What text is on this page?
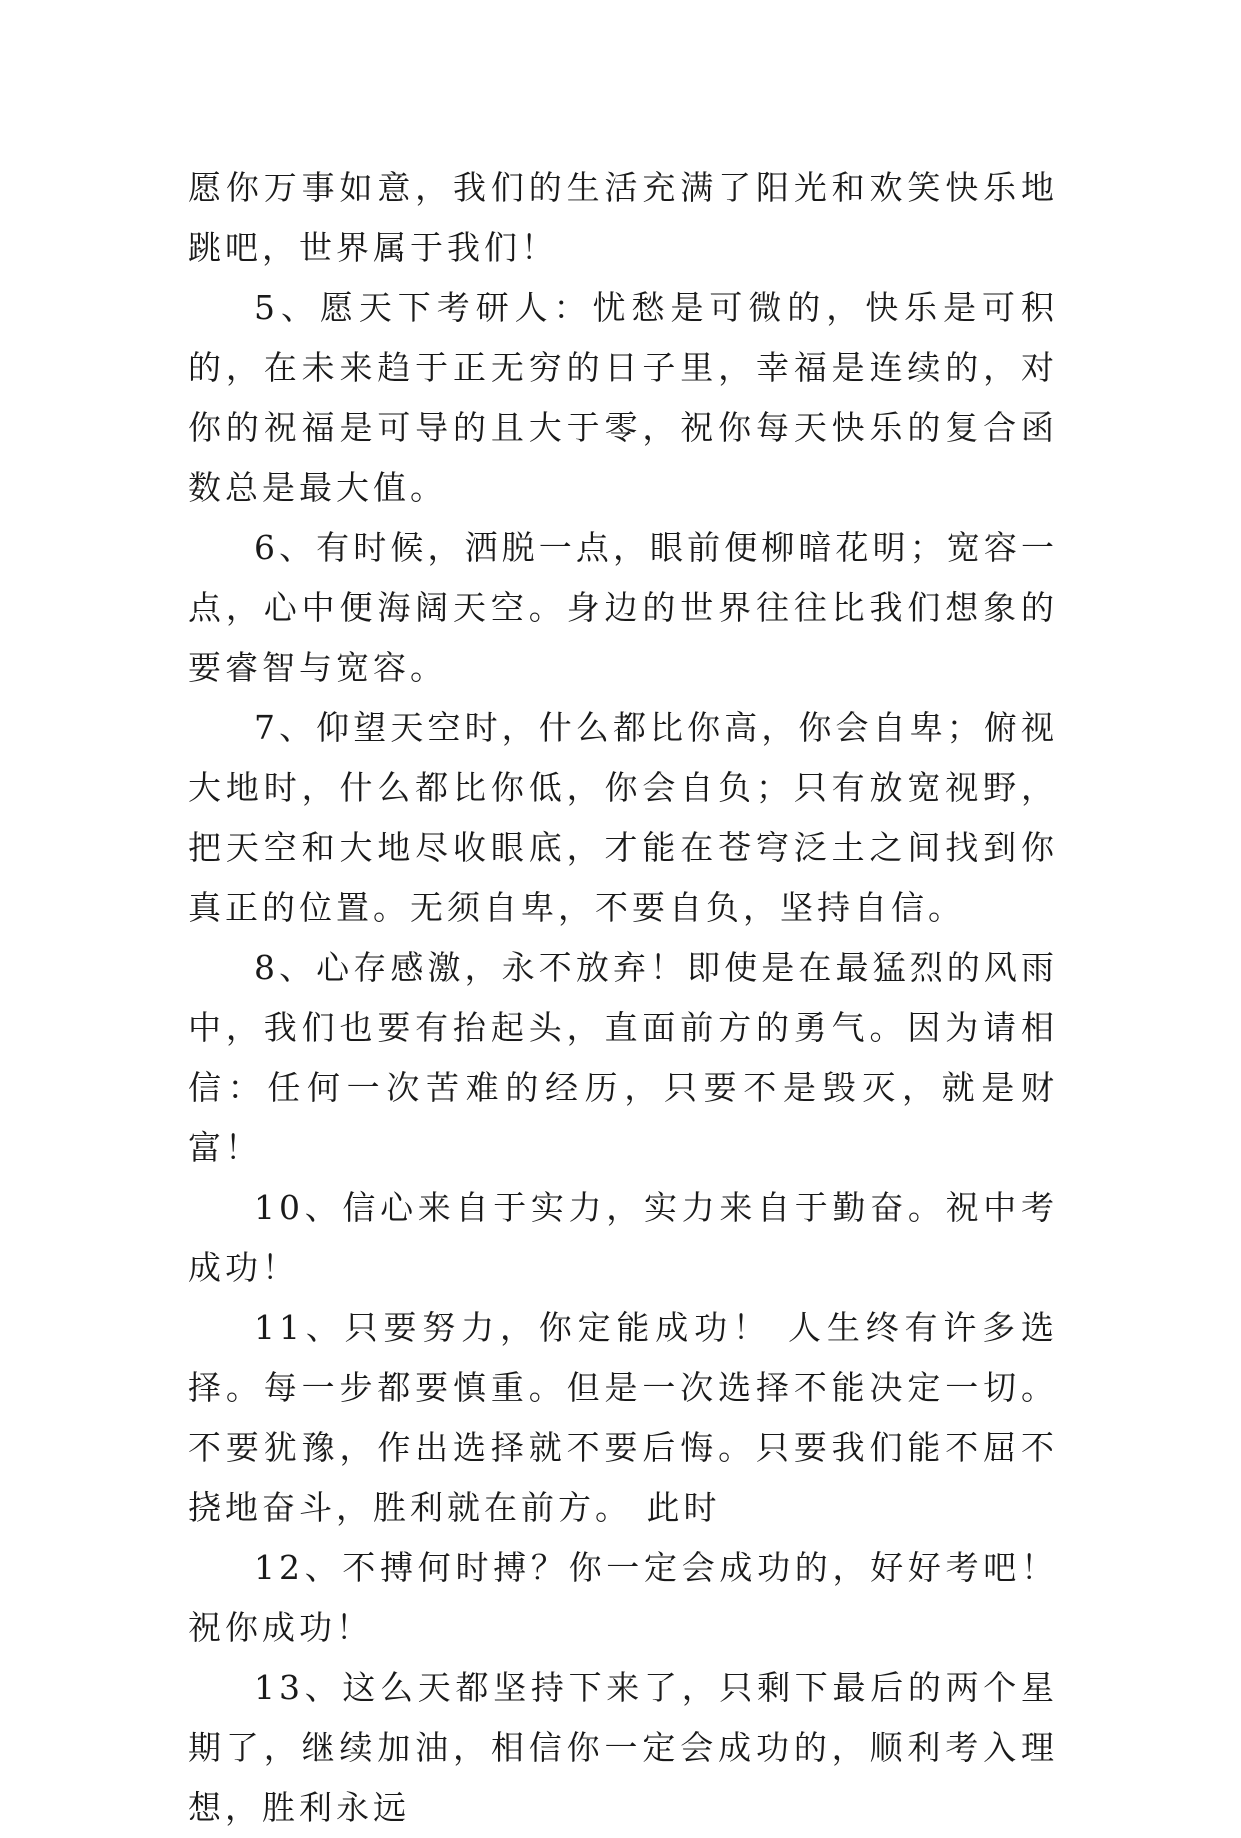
愿你万事如意，我们的生活充满了阳光和欢笑快乐地跳吧，世界属于我们！

5、愿天下考研人：忧愁是可微的，快乐是可积的，在未来趋于正无穷的日子里，幸福是连续的，对你的祝福是可导的且大于零，祝你每天快乐的复合函数总是最大值。

6、有时候，洒脱一点，眼前便柳暗花明；宽容一点，心中便海阔天空。身边的世界往往比我们想象的要睿智与宽容。

7、仰望天空时，什么都比你高，你会自卑；俯视大地时，什么都比你低，你会自负；只有放宽视野，把天空和大地尽收眼底，才能在苍穹泛土之间找到你真正的位置。无须自卑，不要自负，坚持自信。

8、心存感激，永不放弃！即使是在最猛烈的风雨中，我们也要有抬起头，直面前方的勇气。因为请相信：任何一次苦难的经历，只要不是毁灭，就是财富！

10、信心来自于实力，实力来自于勤奋。祝中考成功！

11、只要努力，你定能成功！ 人生终有许多选择。每一步都要慎重。但是一次选择不能决定一切。不要犹豫，作出选择就不要后悔。只要我们能不屈不挠地奋斗，胜利就在前方。 此时

12、不搏何时搏？你一定会成功的，好好考吧！祝你成功！

13、这么天都坚持下来了，只剩下最后的两个星期了，继续加油，相信你一定会成功的，顺利考入理想，胜利永远
